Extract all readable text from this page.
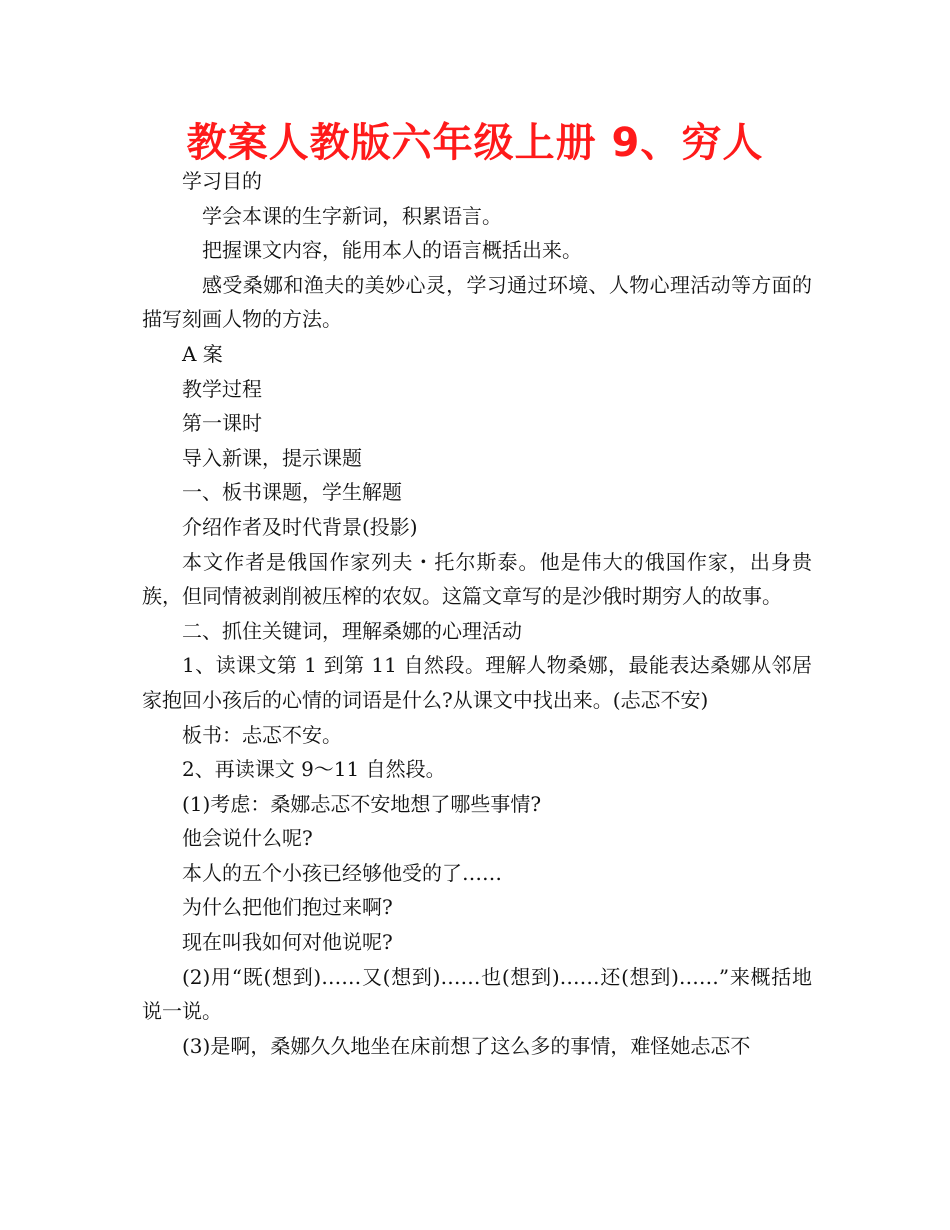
教案人教版六年级上册 9、穷人

学习目的

学会本课的生字新词，积累语言。

把握课文内容，能用本人的语言概括出来。

感受桑娜和渔夫的美妙心灵，学习通过环境、人物心理活动等方面的描写刻画人物的方法。

A 案

教学过程

第一课时

导入新课，提示课题

一、板书课题，学生解题

介绍作者及时代背景(投影)

本文作者是俄国作家列夫・托尔斯泰。他是伟大的俄国作家，出身贵族，但同情被剥削被压榨的农奴。这篇文章写的是沙俄时期穷人的故事。

二、抓住关键词，理解桑娜的心理活动

1、读课文第 1 到第 11 自然段。理解人物桑娜，最能表达桑娜从邻居家抱回小孩后的心情的词语是什么?从课文中找出来。(忐忑不安)

板书：忐忑不安。

2、再读课文 9～11 自然段。

(1)考虑：桑娜忐忑不安地想了哪些事情?

他会说什么呢?

本人的五个小孩已经够他受的了……

为什么把他们抱过来啊?

现在叫我如何对他说呢?

(2)用“既(想到)……又(想到)……也(想到)……还(想到)……”来概括地说一说。

(3)是啊，桑娜久久地坐在床前想了这么多的事情，难怪她忐忑不
